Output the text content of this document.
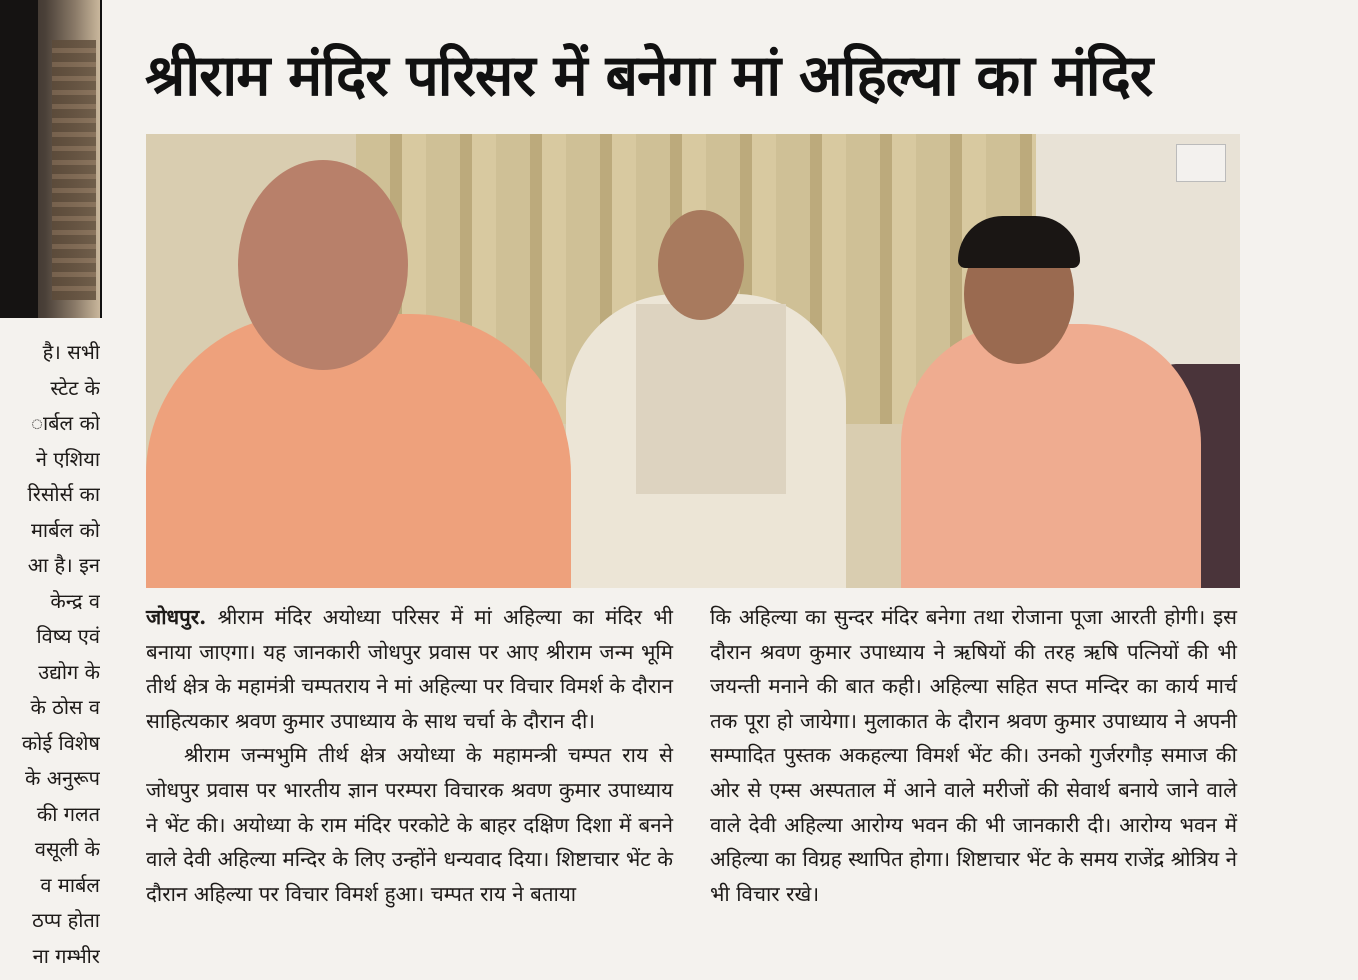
है। सभी
स्टेट के
ार्बल को
ने एशिया
रिसोर्स का
मार्बल को
आ है। इन
केन्द्र व
विष्य एवं
उद्योग के
के ठोस व
कोई विशेष
के अनुरूप
की गलत
वसूली के
व मार्बल
ठप्प होता
ना गम्भीर
श्रीराम मंदिर परिसर में बनेगा मां अहिल्या का मंदिर

जोधपुर. श्रीराम मंदिर अयोध्या परिसर में मां अहिल्या का मंदिर भी बनाया जाएगा। यह जानकारी जोधपुर प्रवास पर आए श्रीराम जन्म भूमि तीर्थ क्षेत्र के महामंत्री चम्पतराय ने मां अहिल्या पर विचार विमर्श के दौरान साहित्यकार श्रवण कुमार उपाध्याय के साथ चर्चा के दौरान दी।

श्रीराम जन्मभुमि तीर्थ क्षेत्र अयोध्या के महामन्त्री चम्पत राय से जोधपुर प्रवास पर भारतीय ज्ञान परम्परा विचारक श्रवण कुमार उपाध्याय ने भेंट की। अयोध्या के राम मंदिर परकोटे के बाहर दक्षिण दिशा में बनने वाले देवी अहिल्या मन्दिर के लिए उन्होंने धन्यवाद दिया। शिष्टाचार भेंट के दौरान अहिल्या पर विचार विमर्श हुआ। चम्पत राय ने बताया

कि अहिल्या का सुन्दर मंदिर बनेगा तथा रोजाना पूजा आरती होगी। इस दौरान श्रवण कुमार उपाध्याय ने ऋषियों की तरह ऋषि पत्नियों की भी जयन्ती मनाने की बात कही। अहिल्या सहित सप्त मन्दिर का कार्य मार्च तक पूरा हो जायेगा। मुलाकात के दौरान श्रवण कुमार उपाध्याय ने अपनी सम्पादित पुस्तक अकहल्या विमर्श भेंट की। उनको गुर्जरगौड़ समाज की ओर से एम्स अस्पताल में आने वाले मरीजों की सेवार्थ बनाये जाने वाले वाले देवी अहिल्या आरोग्य भवन की भी जानकारी दी। आरोग्य भवन में अहिल्या का विग्रह स्थापित होगा। शिष्टाचार भेंट के समय राजेंद्र श्रोत्रिय ने भी विचार रखे।
